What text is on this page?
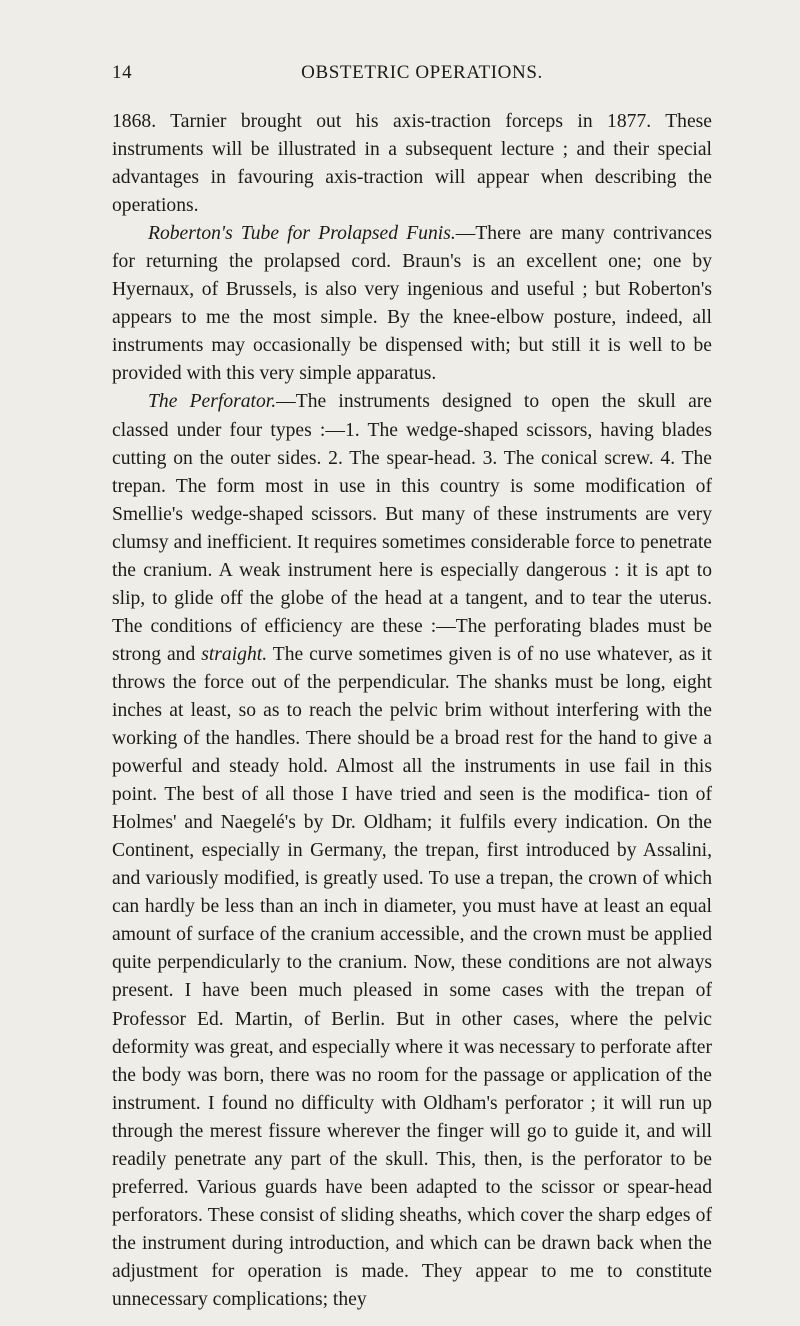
14	OBSTETRIC OPERATIONS.

1868. Tarnier brought out his axis-traction forceps in 1877. These instruments will be illustrated in a subsequent lecture ; and their special advantages in favouring axis-traction will appear when describing the operations.

Roberton's Tube for Prolapsed Funis.—There are many contrivances for returning the prolapsed cord. Braun's is an excellent one; one by Hyernaux, of Brussels, is also very ingenious and useful ; but Roberton's appears to me the most simple. By the knee-elbow posture, indeed, all instruments may occasionally be dispensed with; but still it is well to be provided with this very simple apparatus.

The Perforator.—The instruments designed to open the skull are classed under four types :—1. The wedge-shaped scissors, having blades cutting on the outer sides. 2. The spear-head. 3. The conical screw. 4. The trepan. The form most in use in this country is some modification of Smellie's wedge-shaped scissors. But many of these instruments are very clumsy and inefficient. It requires sometimes considerable force to penetrate the cranium. A weak instrument here is especially dangerous : it is apt to slip, to glide off the globe of the head at a tangent, and to tear the uterus. The conditions of efficiency are these :—The perforating blades must be strong and straight. The curve sometimes given is of no use whatever, as it throws the force out of the perpendicular. The shanks must be long, eight inches at least, so as to reach the pelvic brim without interfering with the working of the handles. There should be a broad rest for the hand to give a powerful and steady hold. Almost all the instruments in use fail in this point. The best of all those I have tried and seen is the modifica- tion of Holmes' and Naegelé's by Dr. Oldham; it fulfils every indication. On the Continent, especially in Germany, the trepan, first introduced by Assalini, and variously modified, is greatly used. To use a trepan, the crown of which can hardly be less than an inch in diameter, you must have at least an equal amount of surface of the cranium accessible, and the crown must be applied quite perpendicularly to the cranium. Now, these conditions are not always present. I have been much pleased in some cases with the trepan of Professor Ed. Martin, of Berlin. But in other cases, where the pelvic deformity was great, and especially where it was necessary to perforate after the body was born, there was no room for the passage or application of the instrument. I found no difficulty with Oldham's perforator ; it will run up through the merest fissure wherever the finger will go to guide it, and will readily penetrate any part of the skull. This, then, is the perforator to be preferred. Various guards have been adapted to the scissor or spear-head perforators. These consist of sliding sheaths, which cover the sharp edges of the instrument during introduction, and which can be drawn back when the adjustment for operation is made. They appear to me to constitute unnecessary complications; they
